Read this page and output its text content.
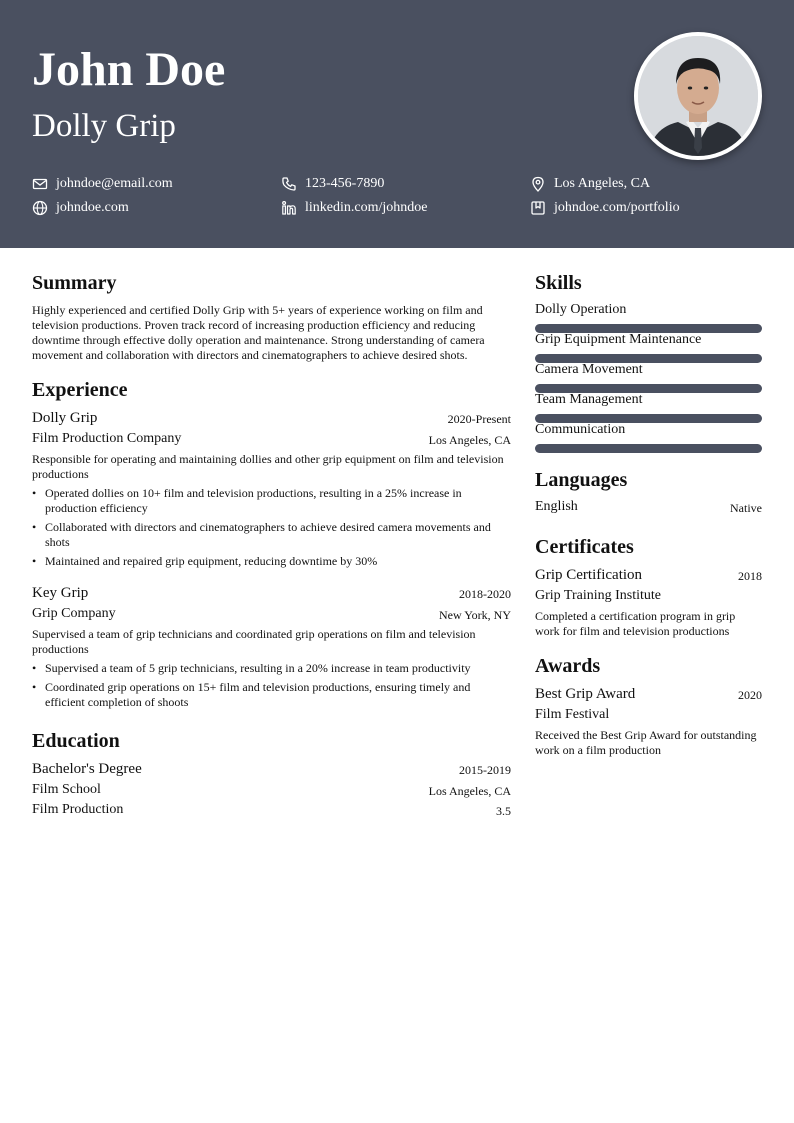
John Doe
Dolly Grip
johndoe@email.com	123-456-7890	Los Angeles, CA
johndoe.com	linkedin.com/johndoe	johndoe.com/portfolio
Summary
Highly experienced and certified Dolly Grip with 5+ years of experience working on film and television productions. Proven track record of increasing production efficiency and reducing downtime through effective dolly operation and maintenance. Strong understanding of camera movement and collaboration with directors and cinematographers to achieve desired shots.
Experience
Dolly Grip	2020-Present
Film Production Company	Los Angeles, CA
Responsible for operating and maintaining dollies and other grip equipment on film and television productions
• Operated dollies on 10+ film and television productions, resulting in a 25% increase in production efficiency
• Collaborated with directors and cinematographers to achieve desired camera movements and shots
• Maintained and repaired grip equipment, reducing downtime by 30%
Key Grip	2018-2020
Grip Company	New York, NY
Supervised a team of grip technicians and coordinated grip operations on film and television productions
• Supervised a team of 5 grip technicians, resulting in a 20% increase in team productivity
• Coordinated grip operations on 15+ film and television productions, ensuring timely and efficient completion of shoots
Education
Bachelor's Degree	2015-2019
Film School	Los Angeles, CA
Film Production	3.5
Skills
Dolly Operation
Grip Equipment Maintenance
Camera Movement
Team Management
Communication
Languages
English	Native
Certificates
Grip Certification	2018
Grip Training Institute
Completed a certification program in grip work for film and television productions
Awards
Best Grip Award	2020
Film Festival
Received the Best Grip Award for outstanding work on a film production
